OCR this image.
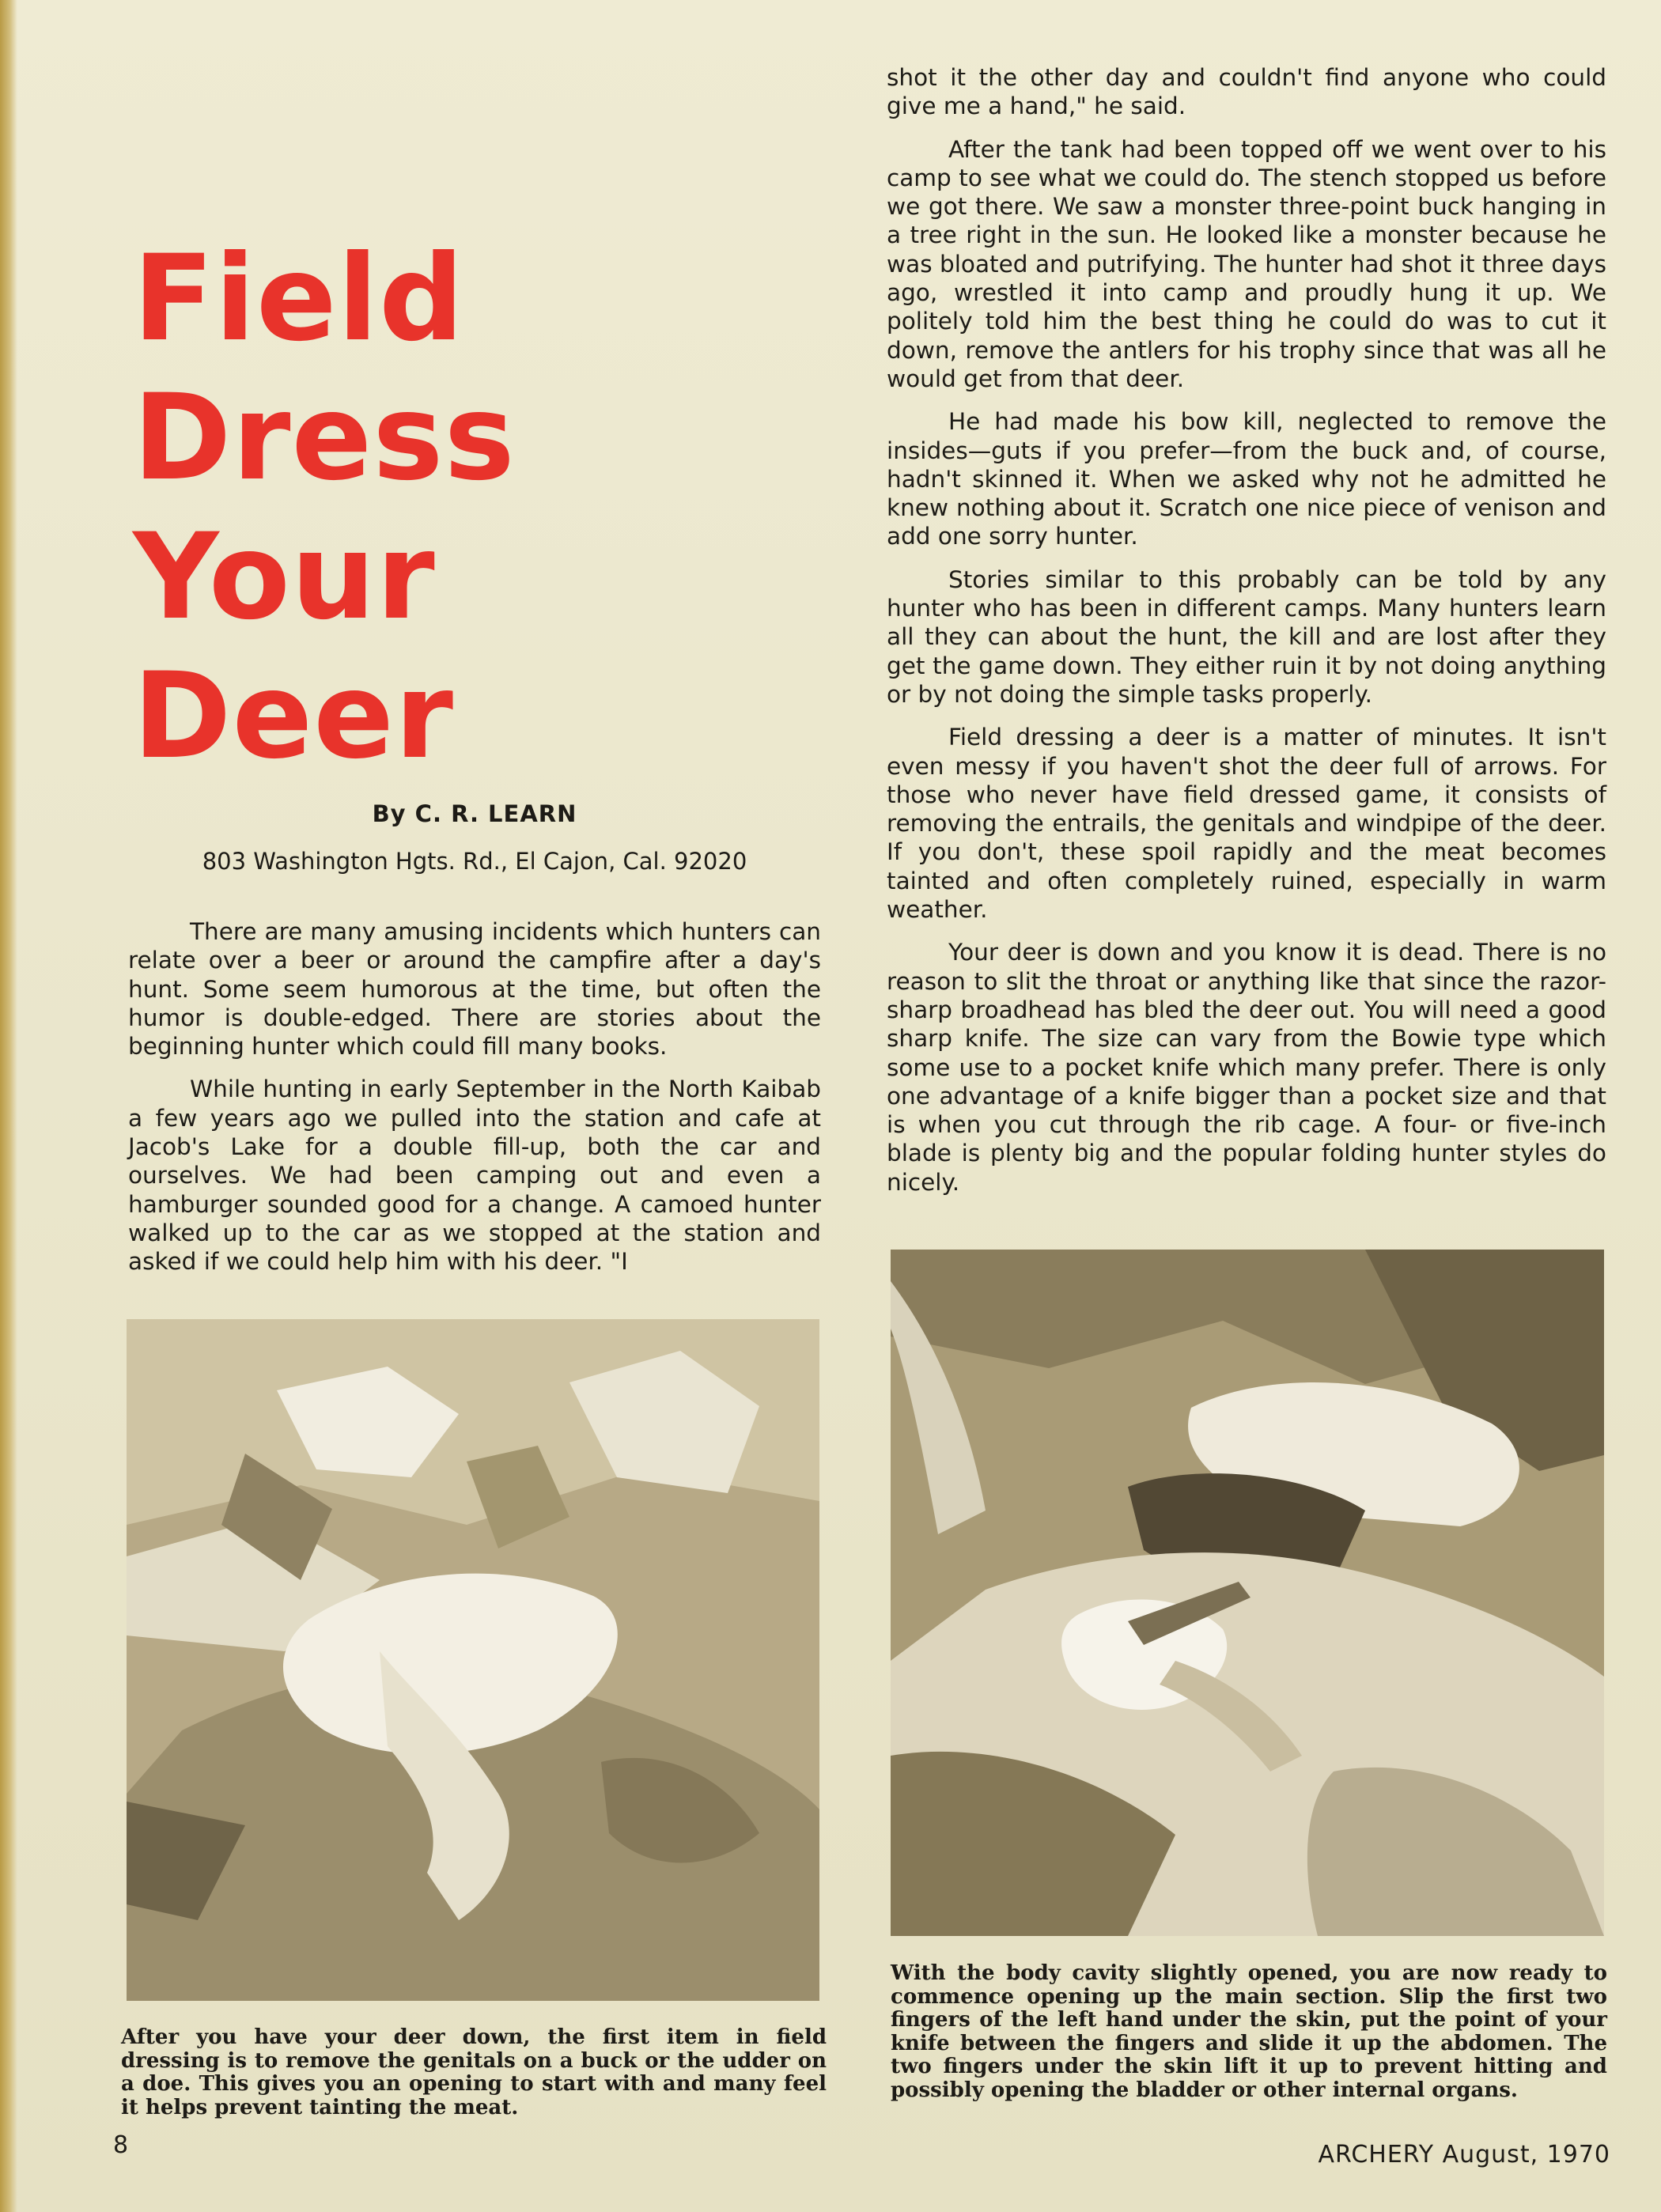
Field
Dress
Your
Deer
By C. R. LEARN
803 Washington Hgts. Rd., El Cajon, Cal. 92020

There are many amusing incidents which hunters can relate over a beer or around the campfire after a day's hunt. Some seem humorous at the time, but often the humor is double-edged. There are stories about the beginning hunter which could fill many books.

While hunting in early September in the North Kaibab a few years ago we pulled into the station and cafe at Jacob's Lake for a double fill-up, both the car and ourselves. We had been camping out and even a hamburger sounded good for a change. A camoed hunter walked up to the car as we stopped at the station and asked if we could help him with his deer. "I

shot it the other day and couldn't find anyone who could give me a hand," he said.

After the tank had been topped off we went over to his camp to see what we could do. The stench stopped us before we got there. We saw a monster three-point buck hanging in a tree right in the sun. He looked like a monster because he was bloated and putrifying. The hunter had shot it three days ago, wrestled it into camp and proudly hung it up. We politely told him the best thing he could do was to cut it down, remove the antlers for his trophy since that was all he would get from that deer.

He had made his bow kill, neglected to remove the insides—guts if you prefer—from the buck and, of course, hadn't skinned it. When we asked why not he admitted he knew nothing about it. Scratch one nice piece of venison and add one sorry hunter.

Stories similar to this probably can be told by any hunter who has been in different camps. Many hunters learn all they can about the hunt, the kill and are lost after they get the game down. They either ruin it by not doing anything or by not doing the simple tasks properly.

Field dressing a deer is a matter of minutes. It isn't even messy if you haven't shot the deer full of arrows. For those who never have field dressed game, it consists of removing the entrails, the genitals and windpipe of the deer. If you don't, these spoil rapidly and the meat becomes tainted and often completely ruined, especially in warm weather.

Your deer is down and you know it is dead. There is no reason to slit the throat or anything like that since the razor-sharp broadhead has bled the deer out. You will need a good sharp knife. The size can vary from the Bowie type which some use to a pocket knife which many prefer. There is only one advantage of a knife bigger than a pocket size and that is when you cut through the rib cage. A four- or five-inch blade is plenty big and the popular folding hunter styles do nicely.

After you have your deer down, the first item in field dressing is to remove the genitals on a buck or the udder on a doe. This gives you an opening to start with and many feel it helps prevent tainting the meat.
With the body cavity slightly opened, you are now ready to commence opening up the main section. Slip the first two fingers of the left hand under the skin, put the point of your knife between the fingers and slide it up the abdomen. The two fingers under the skin lift it up to prevent hitting and possibly opening the bladder or other internal organs.
8	ARCHERY August, 1970
